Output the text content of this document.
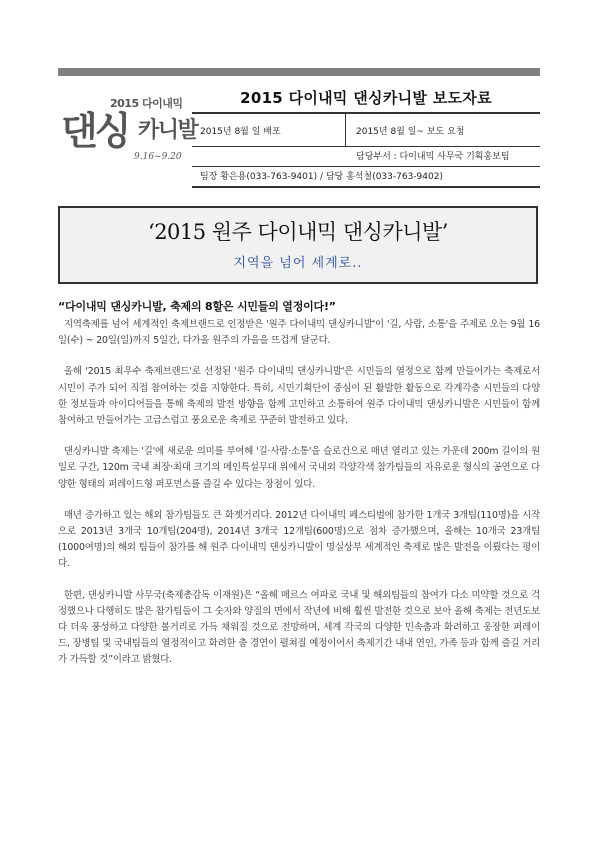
2015 다이내믹
댄싱 카니발
9.16~9.20
2015 다이내믹 댄싱카니발 보도자료
2015년 8월 일 배포	2015년 8월 일~ 보도 요청
담당부서 : 다이내믹 사무국 기획홍보팀
팀장 황은용(033-763-9401) / 담당 홍석철(033-763-9402)
‘2015 원주 다이내믹 댄싱카니발’
지역을 넘어 세계로..

“다이내믹 댄싱카니발, 축제의 8할은 시민들의 열정이다!”

지역축제를 넘어 세계적인 축제브랜드로 인정받은 '원주 다이내믹 댄싱카니발'이 '길, 사람, 소통'을 주제로 오는 9월 16일(수) ~ 20일(일)까지 5일간, 다가올 원주의 가을을 뜨겁게 달군다.

올해 '2015 최우수 축제브랜드'로 선정된 '원주 다이내믹 댄싱카니발'은 시민들의 열정으로 함께 만들어가는 축제로서 시민이 주가 되어 직접 참여하는 것을 지향한다. 특히, 시민기획단이 중심이 된 활발한 활동으로 각계각층 시민들의 다양한 정보들과 아이디어들을 통해 축제의 발전 방향을 함께 고민하고 소통하여 원주 다이내믹 댄싱카니발은 시민들이 함께 참여하고 만들어가는 고급스럽고 풍요로운 축제로 꾸준히 발전하고 있다.

댄싱카니발 축제는 '길'에 새로운 의미를 부여해 '길·사람·소통'을 슬로건으로 매년 열리고 있는 가운데 200m 길이의 원일로 구간, 120m 국내 최장·최대 크기의 메인특설무대 위에서 국내외 각양각색 참가팀들의 자유로운 형식의 공연으로 다양한 형태의 퍼레이드형 퍼포먼스를 즐길 수 있다는 장점이 있다.

매년 증가하고 있는 해외 참가팀들도 큰 화젯거리다. 2012년 다이내믹 페스티벌에 참가한 1개국 3개팀(110명)을 시작으로 2013년 3개국 10개팀(204명), 2014년 3개국 12개팀(600명)으로 점차 증가했으며, 올해는 10개국 23개팀(1000여명)의 해외 팀들이 참가를 해 원주 다이내믹 댄싱카니발이 명실상부 세계적인 축제로 많은 발전을 이뤘다는 평이다.

한편, 댄싱카니발 사무국(축제총감독 이재원)은 “올해 메르스 여파로 국내 및 해외팀들의 참여가 다소 미약할 것으로 걱정했으나 다행히도 많은 참가팀들이 그 숫자와 양질의 면에서 작년에 비해 훨씬 발전한 것으로 보아 올해 축제는 전년도보다 더욱 풍성하고 다양한 볼거리로 가득 채워질 것으로 전망하며, 세계 각국의 다양한 민속춤과 화려하고 웅장한 퍼레이드, 장병팀 및 국내팀들의 열정적이고 화려한 춤 경연이 펼쳐질 예정이어서 축제기간 내내 연인, 가족 등과 함께 즐길 거리가 가득할 것”이라고 밝혔다.
